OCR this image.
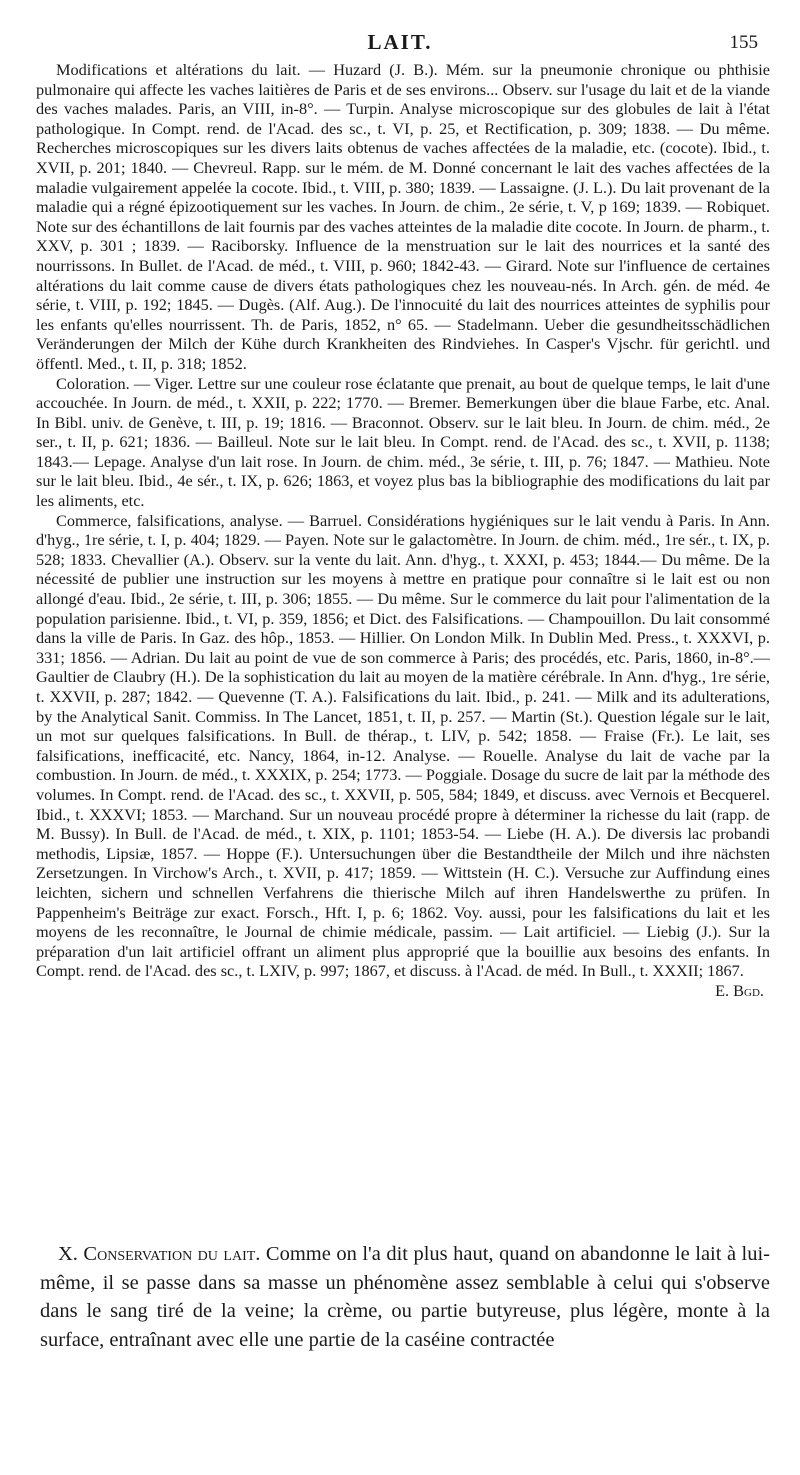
LAIT.	155

Modifications et altérations du lait. — Huzard (J. B.). Mém. sur la pneumonie chronique ou phthisie pulmonaire qui affecte les vaches laitières de Paris et de ses environs... Observ. sur l'usage du lait et de la viande des vaches malades. Paris, an VIII, in-8°. — Turpin. Analyse microscopique sur des globules de lait à l'état pathologique. In Compt. rend. de l'Acad. des sc., t. VI, p. 25, et Rectification, p. 309; 1838. — Du même. Recherches microscopiques sur les divers laits obtenus de vaches affectées de la maladie, etc. (cocote). Ibid., t. XVII, p. 201; 1840. — Chevreul. Rapp. sur le mém. de M. Donné concernant le lait des vaches affectées de la maladie vulgairement appelée la cocote. Ibid., t. VIII, p. 380; 1839. — Lassaigne. (J. L.). Du lait provenant de la maladie qui a régné épizootiquement sur les vaches. In Journ. de chim., 2e série, t. V, p 169; 1839. — Robiquet. Note sur des échantillons de lait fournis par des vaches atteintes de la maladie dite cocote. In Journ. de pharm., t. XXV, p. 301 ; 1839. — Raciborsky. Influence de la menstruation sur le lait des nourrices et la santé des nourrissons. In Bullet. de l'Acad. de méd., t. VIII, p. 960; 1842-43. — Girard. Note sur l'influence de certaines altérations du lait comme cause de divers états pathologiques chez les nouveau-nés. In Arch. gén. de méd. 4e série, t. VIII, p. 192; 1845. — Dugès. (Alf. Aug.). De l'innocuité du lait des nourrices atteintes de syphilis pour les enfants qu'elles nourrissent. Th. de Paris, 1852, n° 65. — Stadelmann. Ueber die gesundheitsschädlichen Veränderungen der Milch der Kühe durch Krankheiten des Rindviehes. In Casper's Vjschr. für gerichtl. und öffentl. Med., t. II, p. 318; 1852.

Coloration. — Viger. Lettre sur une couleur rose éclatante que prenait, au bout de quelque temps, le lait d'une accouchée. In Journ. de méd., t. XXII, p. 222; 1770. — Bremer. Bemerkungen über die blaue Farbe, etc. Anal. In Bibl. univ. de Genève, t. III, p. 19; 1816. — Braconnot. Observ. sur le lait bleu. In Journ. de chim. méd., 2e ser., t. II, p. 621; 1836. — Bailleul. Note sur le lait bleu. In Compt. rend. de l'Acad. des sc., t. XVII, p. 1138; 1843.— Lepage. Analyse d'un lait rose. In Journ. de chim. méd., 3e série, t. III, p. 76; 1847. — Mathieu. Note sur le lait bleu. Ibid., 4e sér., t. IX, p. 626; 1863, et voyez plus bas la bibliographie des modifications du lait par les aliments, etc.

Commerce, falsifications, analyse. — Barruel. Considérations hygiéniques sur le lait vendu à Paris. In Ann. d'hyg., 1re série, t. I, p. 404; 1829. — Payen. Note sur le galactomètre. In Journ. de chim. méd., 1re sér., t. IX, p. 528; 1833. Chevallier (A.). Observ. sur la vente du lait. Ann. d'hyg., t. XXXI, p. 453; 1844.— Du même. De la nécessité de publier une instruction sur les moyens à mettre en pratique pour connaître si le lait est ou non allongé d'eau. Ibid., 2e série, t. III, p. 306; 1855. — Du même. Sur le commerce du lait pour l'alimentation de la population parisienne. Ibid., t. VI, p. 359, 1856; et Dict. des Falsifications. — Champouillon. Du lait consommé dans la ville de Paris. In Gaz. des hôp., 1853. — Hillier. On London Milk. In Dublin Med. Press., t. XXXVI, p. 331; 1856. — Adrian. Du lait au point de vue de son commerce à Paris; des procédés, etc. Paris, 1860, in-8°.— Gaultier de Claubry (H.). De la sophistication du lait au moyen de la matière cérébrale. In Ann. d'hyg., 1re série, t. XXVII, p. 287; 1842. — Quevenne (T. A.). Falsifications du lait. Ibid., p. 241. — Milk and its adulterations, by the Analytical Sanit. Commiss. In The Lancet, 1851, t. II, p. 257. — Martin (St.). Question légale sur le lait, un mot sur quelques falsifications. In Bull. de thérap., t. LIV, p. 542; 1858. — Fraise (Fr.). Le lait, ses falsifications, inefficacité, etc. Nancy, 1864, in-12. Analyse. — Rouelle. Analyse du lait de vache par la combustion. In Journ. de méd., t. XXXIX, p. 254; 1773. — Poggiale. Dosage du sucre de lait par la méthode des volumes. In Compt. rend. de l'Acad. des sc., t. XXVII, p. 505, 584; 1849, et discuss. avec Vernois et Becquerel. Ibid., t. XXXVI; 1853. — Marchand. Sur un nouveau procédé propre à déterminer la richesse du lait (rapp. de M. Bussy). In Bull. de l'Acad. de méd., t. XIX, p. 1101; 1853-54. — Liebe (H. A.). De diversis lac probandi methodis, Lipsiæ, 1857. — Hoppe (F.). Untersuchungen über die Bestandtheile der Milch und ihre nächsten Zersetzungen. In Virchow's Arch., t. XVII, p. 417; 1859. — Wittstein (H. C.). Versuche zur Auffindung eines leichten, sichern und schnellen Verfahrens die thierische Milch auf ihren Handelswerthe zu prüfen. In Pappenheim's Beiträge zur exact. Forsch., Hft. I, p. 6; 1862. Voy. aussi, pour les falsifications du lait et les moyens de les reconnaître, le Journal de chimie médicale, passim. — Lait artificiel. — Liebig (J.). Sur la préparation d'un lait artificiel offrant un aliment plus approprié que la bouillie aux besoins des enfants. In Compt. rend. de l'Acad. des sc., t. LXIV, p. 997; 1867, et discuss. à l'Acad. de méd. In Bull., t. XXXII; 1867.

E. Bgd.

X. Conservation du lait. Comme on l'a dit plus haut, quand on abandonne le lait à lui-même, il se passe dans sa masse un phénomène assez semblable à celui qui s'observe dans le sang tiré de la veine; la crème, ou partie butyreuse, plus légère, monte à la surface, entraînant avec elle une partie de la caséine contractée
